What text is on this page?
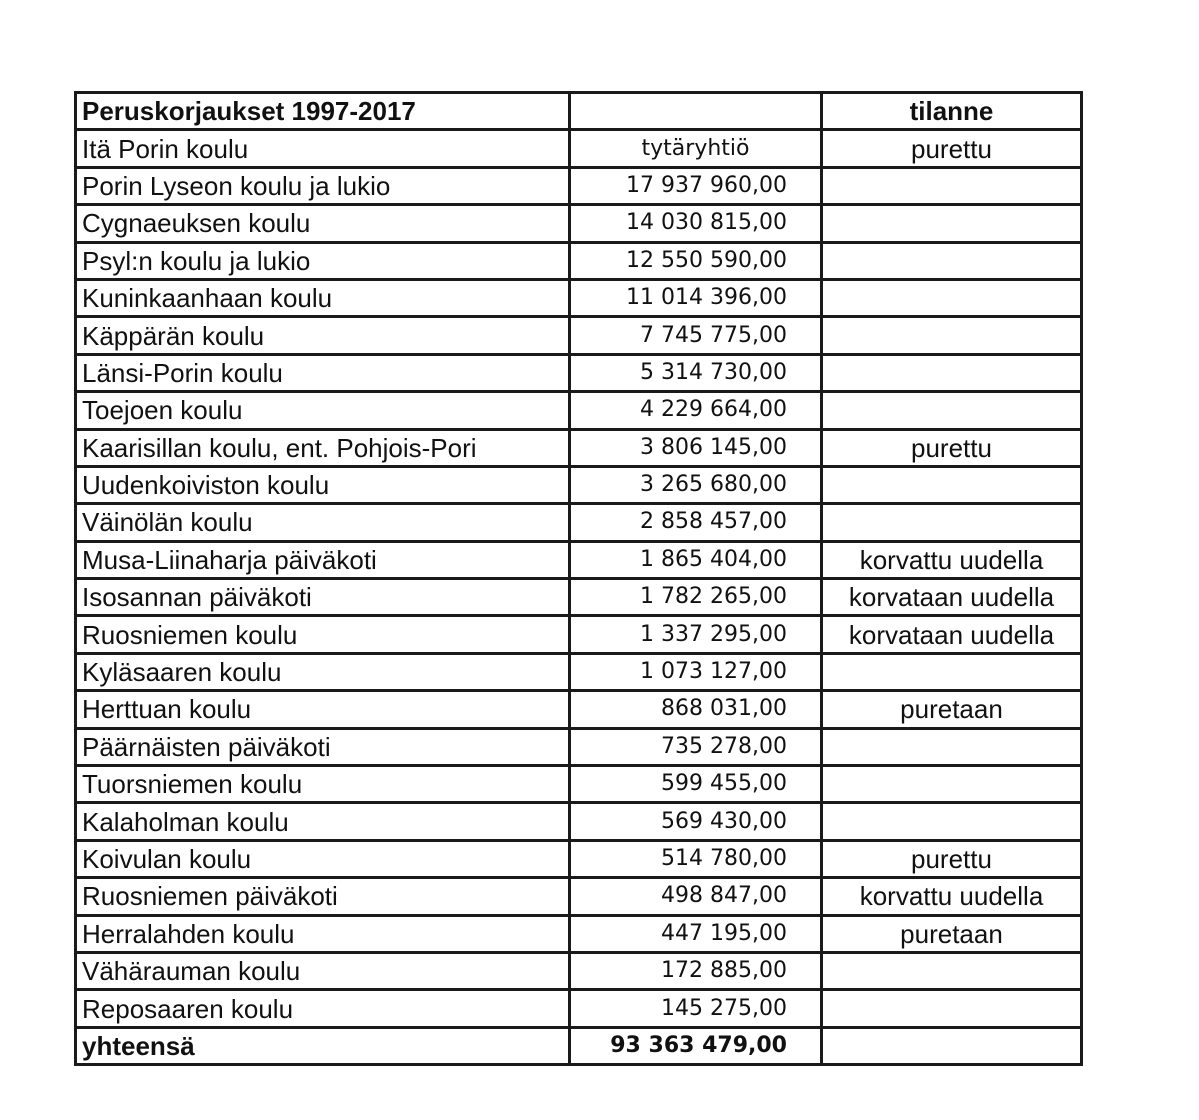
Peruskorjaukset 1997-2017		tilanne
Itä Porin koulu	tytäryhtiö	purettu
Porin Lyseon koulu ja lukio	17 937 960,00	
Cygnaeuksen koulu	14 030 815,00	
Psyl:n koulu ja lukio	12 550 590,00	
Kuninkaanhaan koulu	11 014 396,00	
Käppärän koulu	7 745 775,00	
Länsi-Porin koulu	5 314 730,00	
Toejoen koulu	4 229 664,00	
Kaarisillan koulu, ent. Pohjois-Pori	3 806 145,00	purettu
Uudenkoiviston koulu	3 265 680,00	
Väinölän koulu	2 858 457,00	
Musa-Liinaharja päiväkoti	1 865 404,00	korvattu uudella
Isosannan päiväkoti	1 782 265,00	korvataan uudella
Ruosniemen koulu	1 337 295,00	korvataan uudella
Kyläsaaren koulu	1 073 127,00	
Herttuan koulu	868 031,00	puretaan
Päärnäisten päiväkoti	735 278,00	
Tuorsniemen koulu	599 455,00	
Kalaholman koulu	569 430,00	
Koivulan koulu	514 780,00	purettu
Ruosniemen päiväkoti	498 847,00	korvattu uudella
Herralahden koulu	447 195,00	puretaan
Vähärauman koulu	172 885,00	
Reposaaren koulu	145 275,00	
yhteensä	93 363 479,00	
